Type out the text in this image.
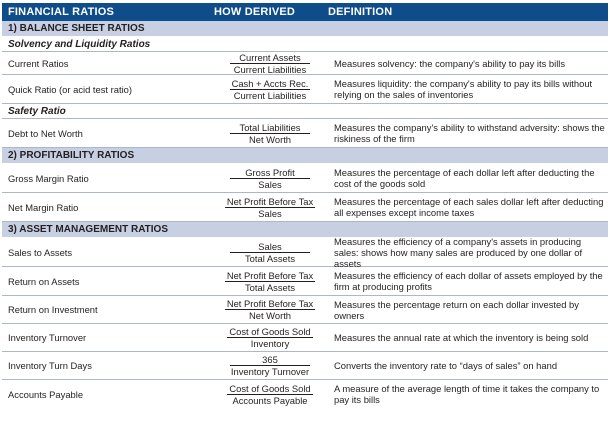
FINANCIAL RATIOS	HOW DERIVED	DEFINITION
1) BALANCE SHEET RATIOS
Solvency and Liquidity Ratios
Current Ratios	$\frac{\text{Current Assets}}{\text{Current Liabilities}}$ Measures solvency: the company's ability to pay its bills
Quick Ratio (or acid test ratio)	$\frac{\text{Cash + Accts Rec.}}{\text{Current Liabilities}}$ Measures liquidity: the company's ability to pay its bills without relying on the sales of inventories
Safety Ratio
Debt to Net Worth	$\frac{\text{Total Liabilities}}{\text{Net Worth}}$ Measures the company's ability to withstand adversity: shows the riskiness of the firm
2) PROFITABILITY RATIOS
Gross Margin Ratio	$\frac{\text{Gross Profit}}{\text{Sales}}$ Measures the percentage of each dollar left after deducting the cost of the goods sold
Net Margin Ratio	$\frac{\text{Net Profit Before Tax}}{\text{Sales}}$ Measures the percentage of each sales dollar left after deducting all expenses except income taxes
3) ASSET MANAGEMENT RATIOS
Sales to Assets	$\frac{\text{Sales}}{\text{Total Assets}}$ Measures the efficiency of a company's assets in producing sales: shows how many sales are produced by one dollar of assets
Return on Assets	$\frac{\text{Net Profit Before Tax}}{\text{Total Assets}}$ Measures the efficiency of each dollar of assets employed by the firm at producing profits
Return on Investment	$\frac{\text{Net Profit Before Tax}}{\text{Net Worth}}$ Measures the percentage return on each dollar invested by owners
Inventory Turnover	$\frac{\text{Cost of Goods Sold}}{\text{Inventory}}$ Measures the annual rate at which the inventory is being sold
Inventory Turn Days	$\frac{365}{\text{Inventory Turnover}}$ Converts the inventory rate to “days of sales” on hand
Accounts Payable	$\frac{\text{Cost of Goods Sold}}{\text{Accounts Payable}}$ A measure of the average length of time it takes the company to pay its bills
